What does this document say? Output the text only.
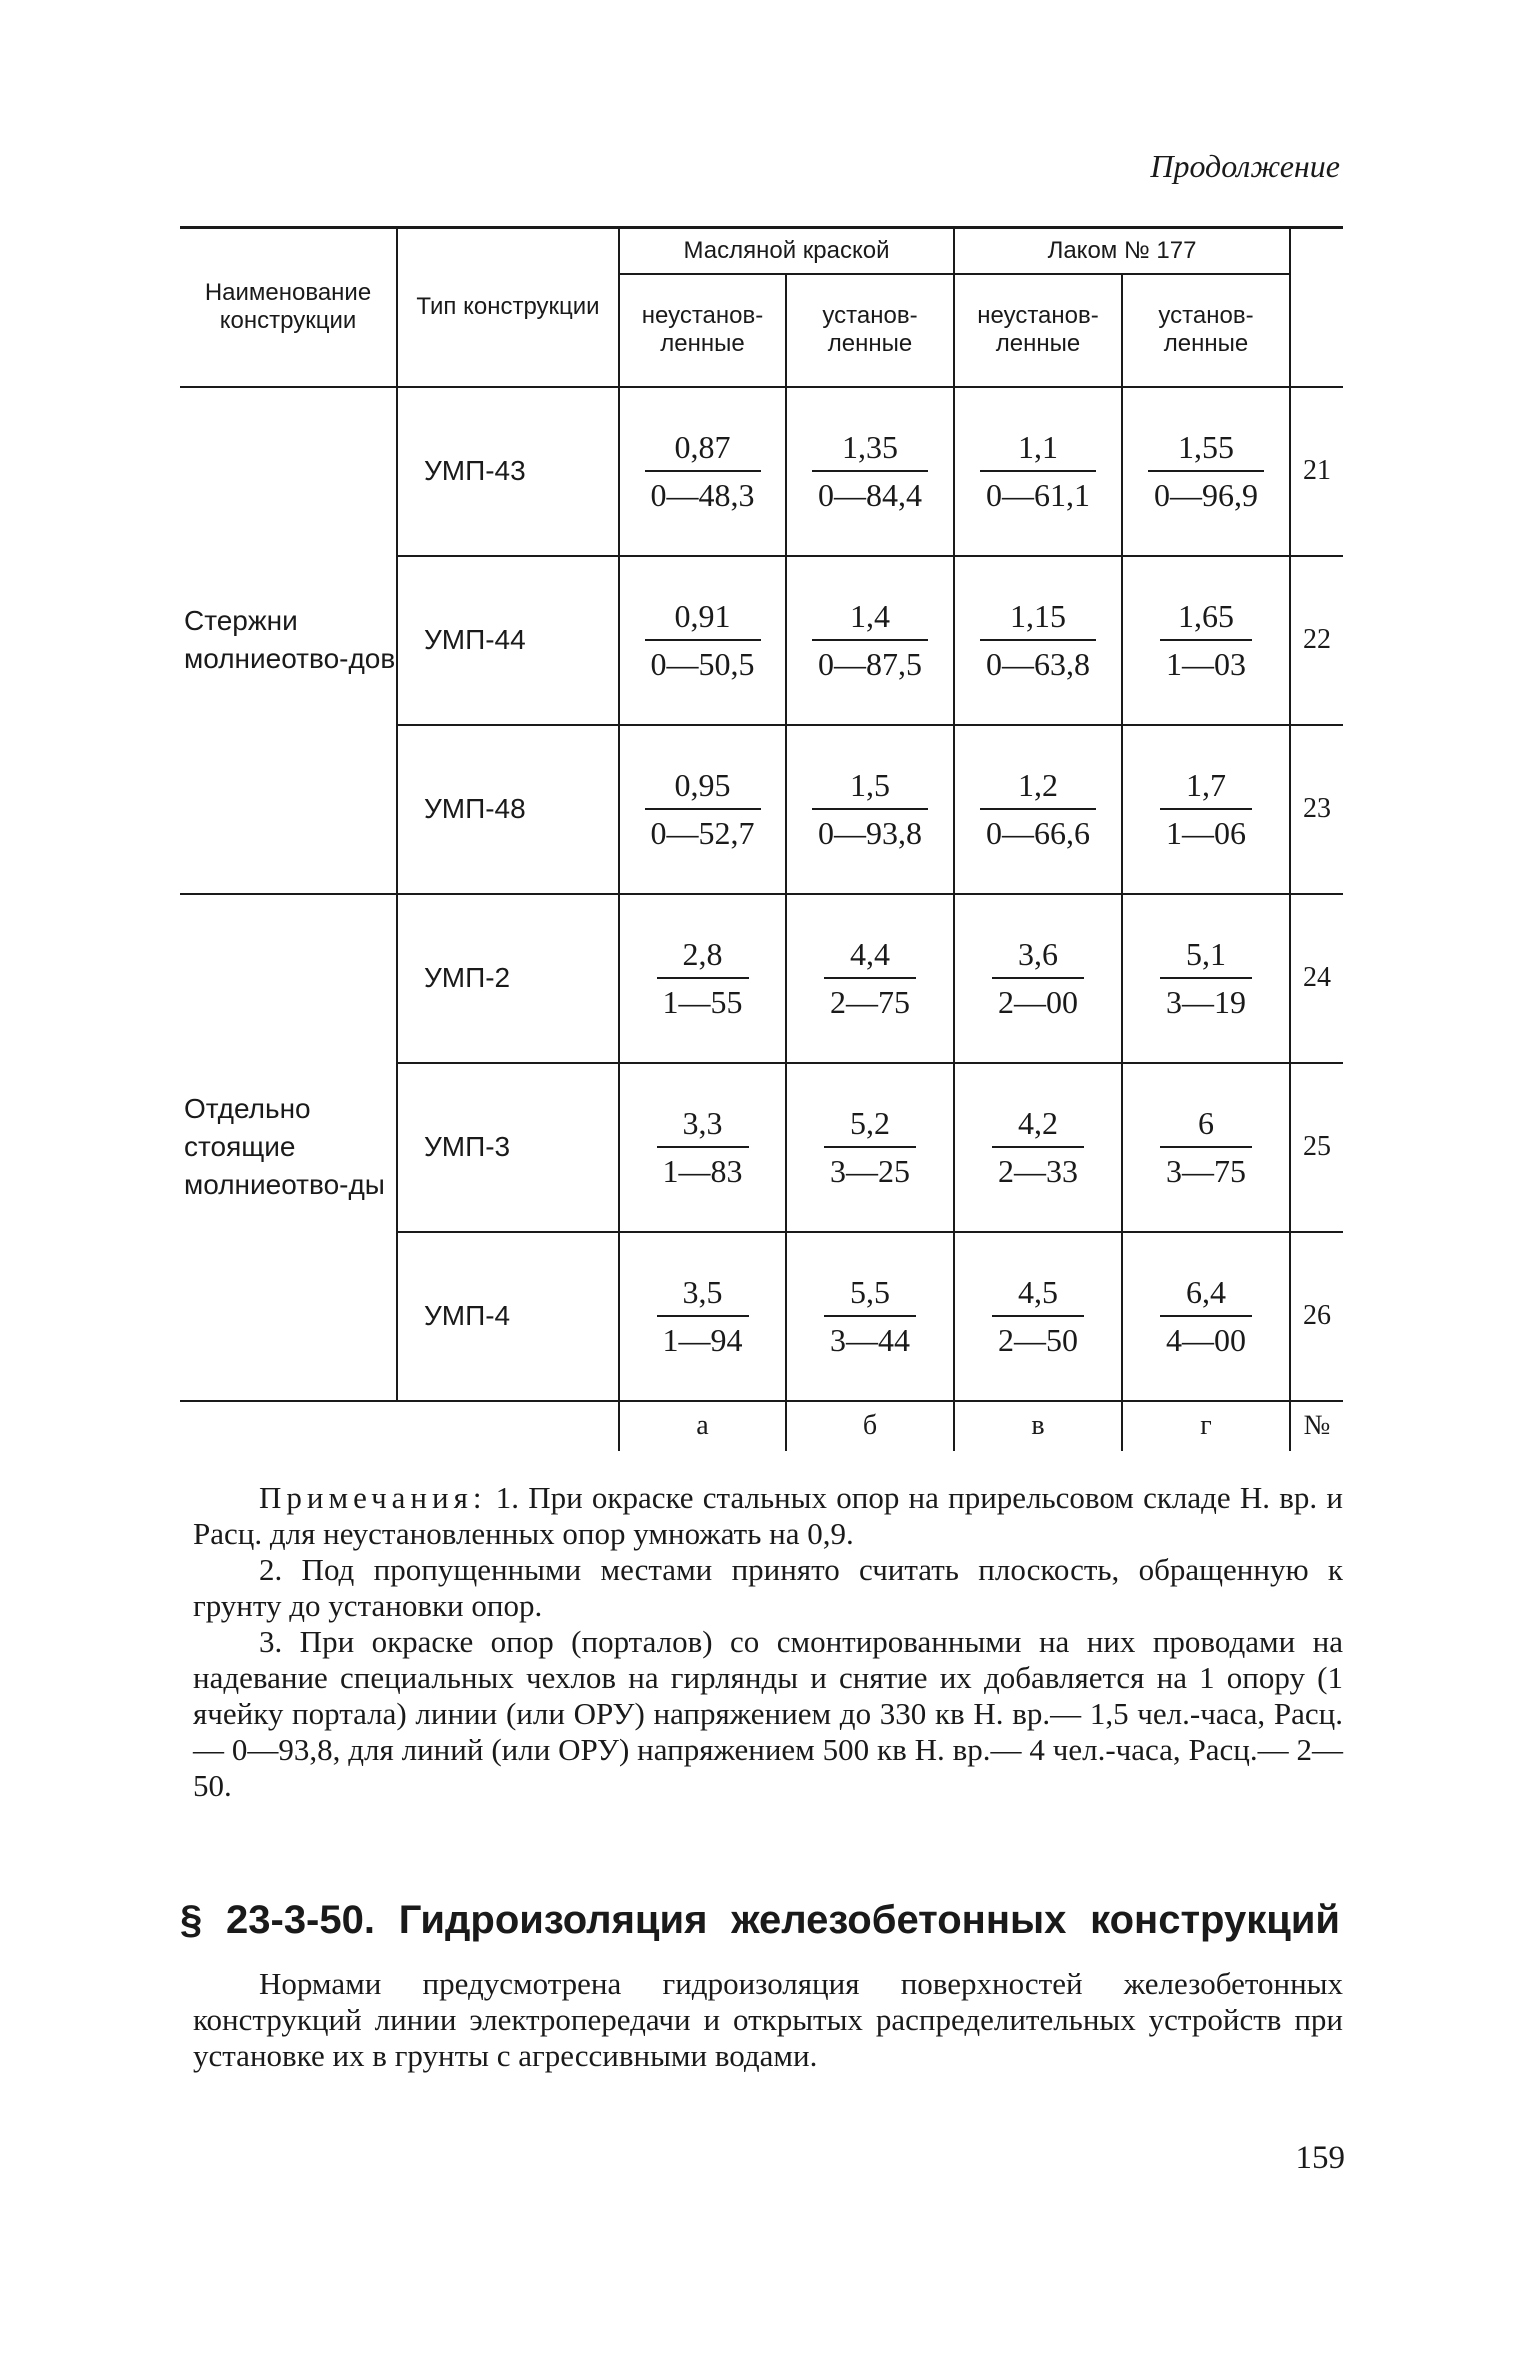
Продолжение
Наименование конструкции	Тип конструкции	Масляной краской		Лаком № 177		
		неустанов-ленные	установ-ленные	неустанов-ленные	установ-ленные	
Стержни молниеотво-дов	УМП-43	$\frac{0,87}{0—48,3}$	$\frac{1,35}{0—84,4}$	$\frac{1,1}{0—61,1}$	$\frac{1,55}{0—96,9}$	21
	УМП-44	$\frac{0,91}{0—50,5}$	$\frac{1,4}{0—87,5}$	$\frac{1,15}{0—63,8}$	$\frac{1,65}{1—03}$	22
	УМП-48	$\frac{0,95}{0—52,7}$	$\frac{1,5}{0—93,8}$	$\frac{1,2}{0—66,6}$	$\frac{1,7}{1—06}$	23
Отдельно стоящие молниеотво-ды	УМП-2	$\frac{2,8}{1—55}$	$\frac{4,4}{2—75}$	$\frac{3,6}{2—00}$	$\frac{5,1}{3—19}$	24
	УМП-3	$\frac{3,3}{1—83}$	$\frac{5,2}{3—25}$	$\frac{4,2}{2—33}$	$\frac{6}{3—75}$	25
	УМП-4	$\frac{3,5}{1—94}$	$\frac{5,5}{3—44}$	$\frac{4,5}{2—50}$	$\frac{6,4}{4—00}$	26
		а	б	в	г	№

Примечания: 1. При окраске стальных опор на прирельсовом складе Н. вр. и Расц. для неустановленных опор умножать на 0,9.

2. Под пропущенными местами принято считать плоскость, обращенную к грунту до установки опор.

3. При окраске опор (порталов) со смонтированными на них проводами на надевание специальных чехлов на гирлянды и снятие их добавляется на 1 опору (1 ячейку портала) линии (или ОРУ) напряжением до 330 кв Н. вр.— 1,5 чел.-часа, Расц.— 0—93,8, для линий (или ОРУ) напряжением 500 кв Н. вр.— 4 чел.-часа, Расц.— 2—50.

§ 23-3-50. Гидроизоляция железобетонных конструкций
Нормами предусмотрена гидроизоляция поверхностей железобетонных конструкций линии электропередачи и открытых распределительных устройств при установке их в грунты с агрессивными водами.
159
